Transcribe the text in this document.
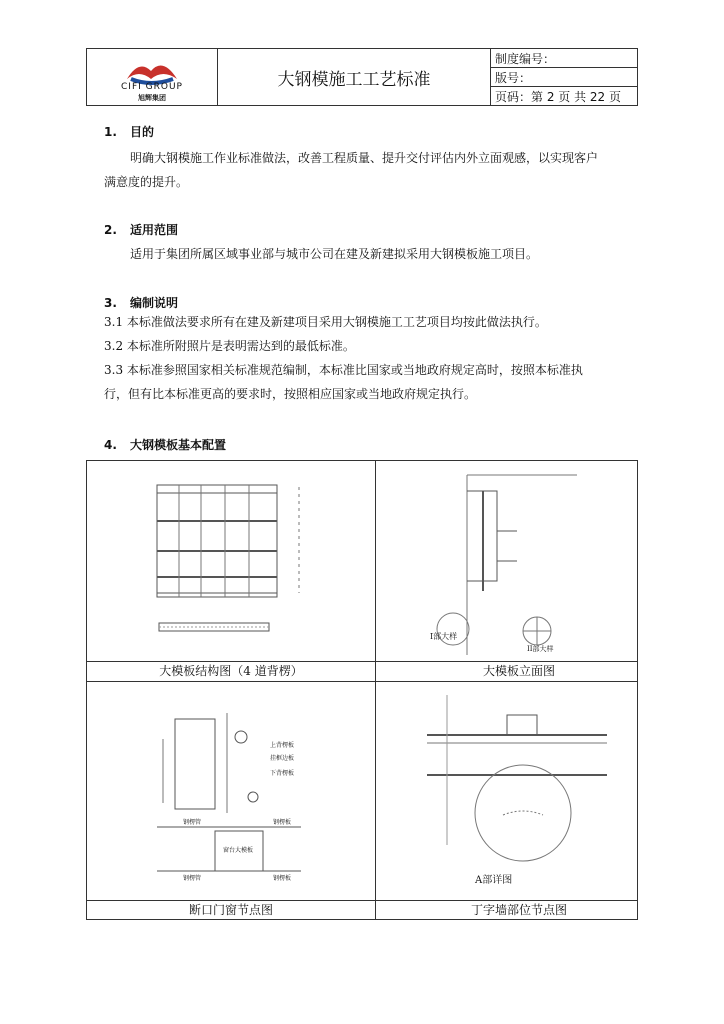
CIFI GROUP
旭辉集团
大钢模施工工艺标准
制度编号：
版号：
页码：第 2 页 共 22 页
1. 目的
明确大钢模施工作业标准做法，改善工程质量、提升交付评估内外立面观感，以实现客户
满意度的提升。
2. 适用范围
适用于集团所属区域事业部与城市公司在建及新建拟采用大钢模板施工项目。
3. 编制说明
3.1 本标准做法要求所有在建及新建项目采用大钢模施工工艺项目均按此做法执行。
3.2 本标准所附照片是表明需达到的最低标准。
3.3 本标准参照国家相关标准规范编制，本标准比国家或当地政府规定高时，按照本标准执
行，但有比本标准更高的要求时，按照相应国家或当地政府规定执行。
4. 大钢模板基本配置
I部大样
II部大样
大模板结构图（4 道背楞）	大模板立面图
上背楞板
挂框边板
下背楞板
钢楞管	钢楞板
窗台大模板
钢楞管	钢楞板	A部详图
断口门窗节点图	丁字墙部位节点图
